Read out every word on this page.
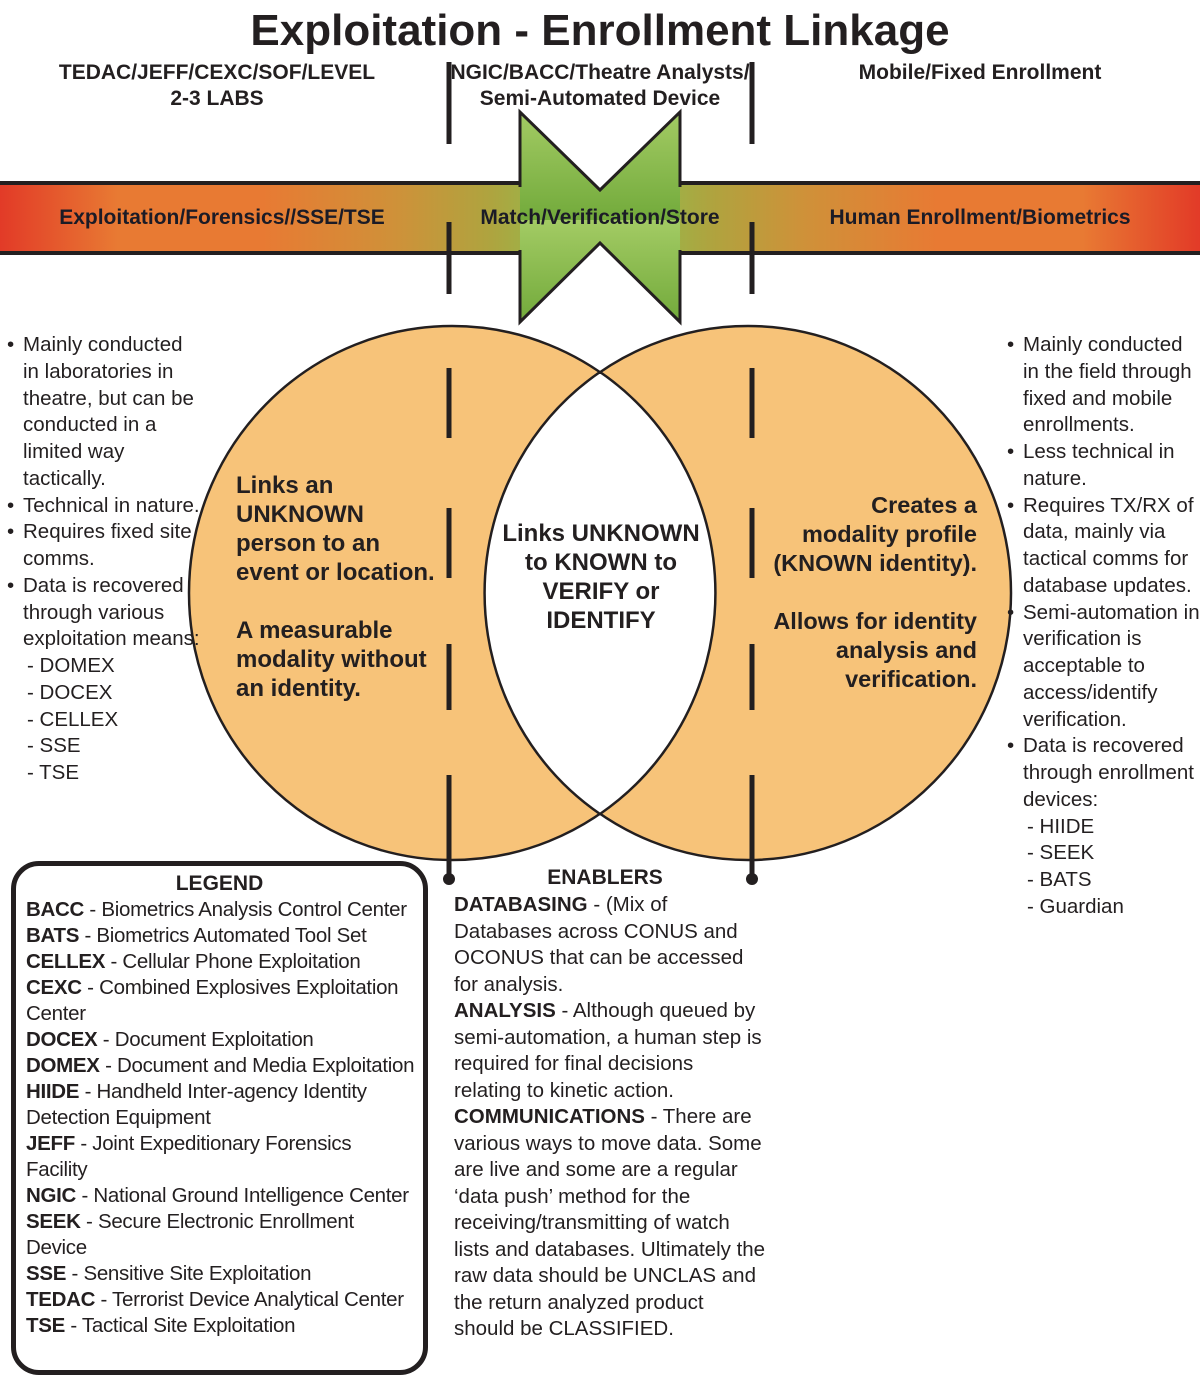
Exploitation - Enrollment Linkage
TEDAC/JEFF/CEXC/SOF/LEVEL
2-3 LABS
NGIC/BACC/Theatre Analysts/
Semi-Automated Device
Mobile/Fixed Enrollment
Exploitation/Forensics//SSE/TSE	Match/Verification/Store	Human Enrollment/Biometrics
Links an
UNKNOWN
person to an
event or location.

A measurable
modality without
an identity.
Links UNKNOWN
to KNOWN to
VERIFY or
IDENTIFY
Creates a
modality profile
(KNOWN identity).

Allows for identity
analysis and
verification.
• Mainly conducted in laboratories in theatre, but can be conducted in a limited way tactically.
• Technical in nature.
• Requires fixed site comms.
• Data is recovered through various exploitation means:
- DOMEX
- DOCEX
- CELLEX
- SSE
- TSE
• Mainly conducted in the field through fixed and mobile enrollments.
• Less technical in nature.
• Requires TX/RX of data, mainly via tactical comms for database updates.
• Semi-automation in verification is acceptable to access/identify verification.
• Data is recovered through enrollment devices:
- HIIDE
- SEEK
- BATS
- Guardian
ENABLERS

DATABASING - (Mix of Databases across CONUS and OCONUS that can be accessed for analysis.

ANALYSIS - Although queued by semi-automation, a human step is required for final decisions relating to kinetic action.

COMMUNICATIONS - There are various ways to move data. Some are live and some are a regular ‘data push’ method for the receiving/transmitting of watch lists and databases. Ultimately the raw data should be UNCLAS and the return analyzed product should be CLASSIFIED.

LEGEND
BACC - Biometrics Analysis Control Center
BATS - Biometrics Automated Tool Set
CELLEX - Cellular Phone Exploitation
CEXC - Combined Explosives Exploitation Center
DOCEX - Document Exploitation
DOMEX - Document and Media Exploitation
HIIDE - Handheld Inter-agency Identity Detection Equipment
JEFF - Joint Expeditionary Forensics Facility
NGIC - National Ground Intelligence Center
SEEK - Secure Electronic Enrollment Device
SSE - Sensitive Site Exploitation
TEDAC - Terrorist Device Analytical Center
TSE - Tactical Site Exploitation
